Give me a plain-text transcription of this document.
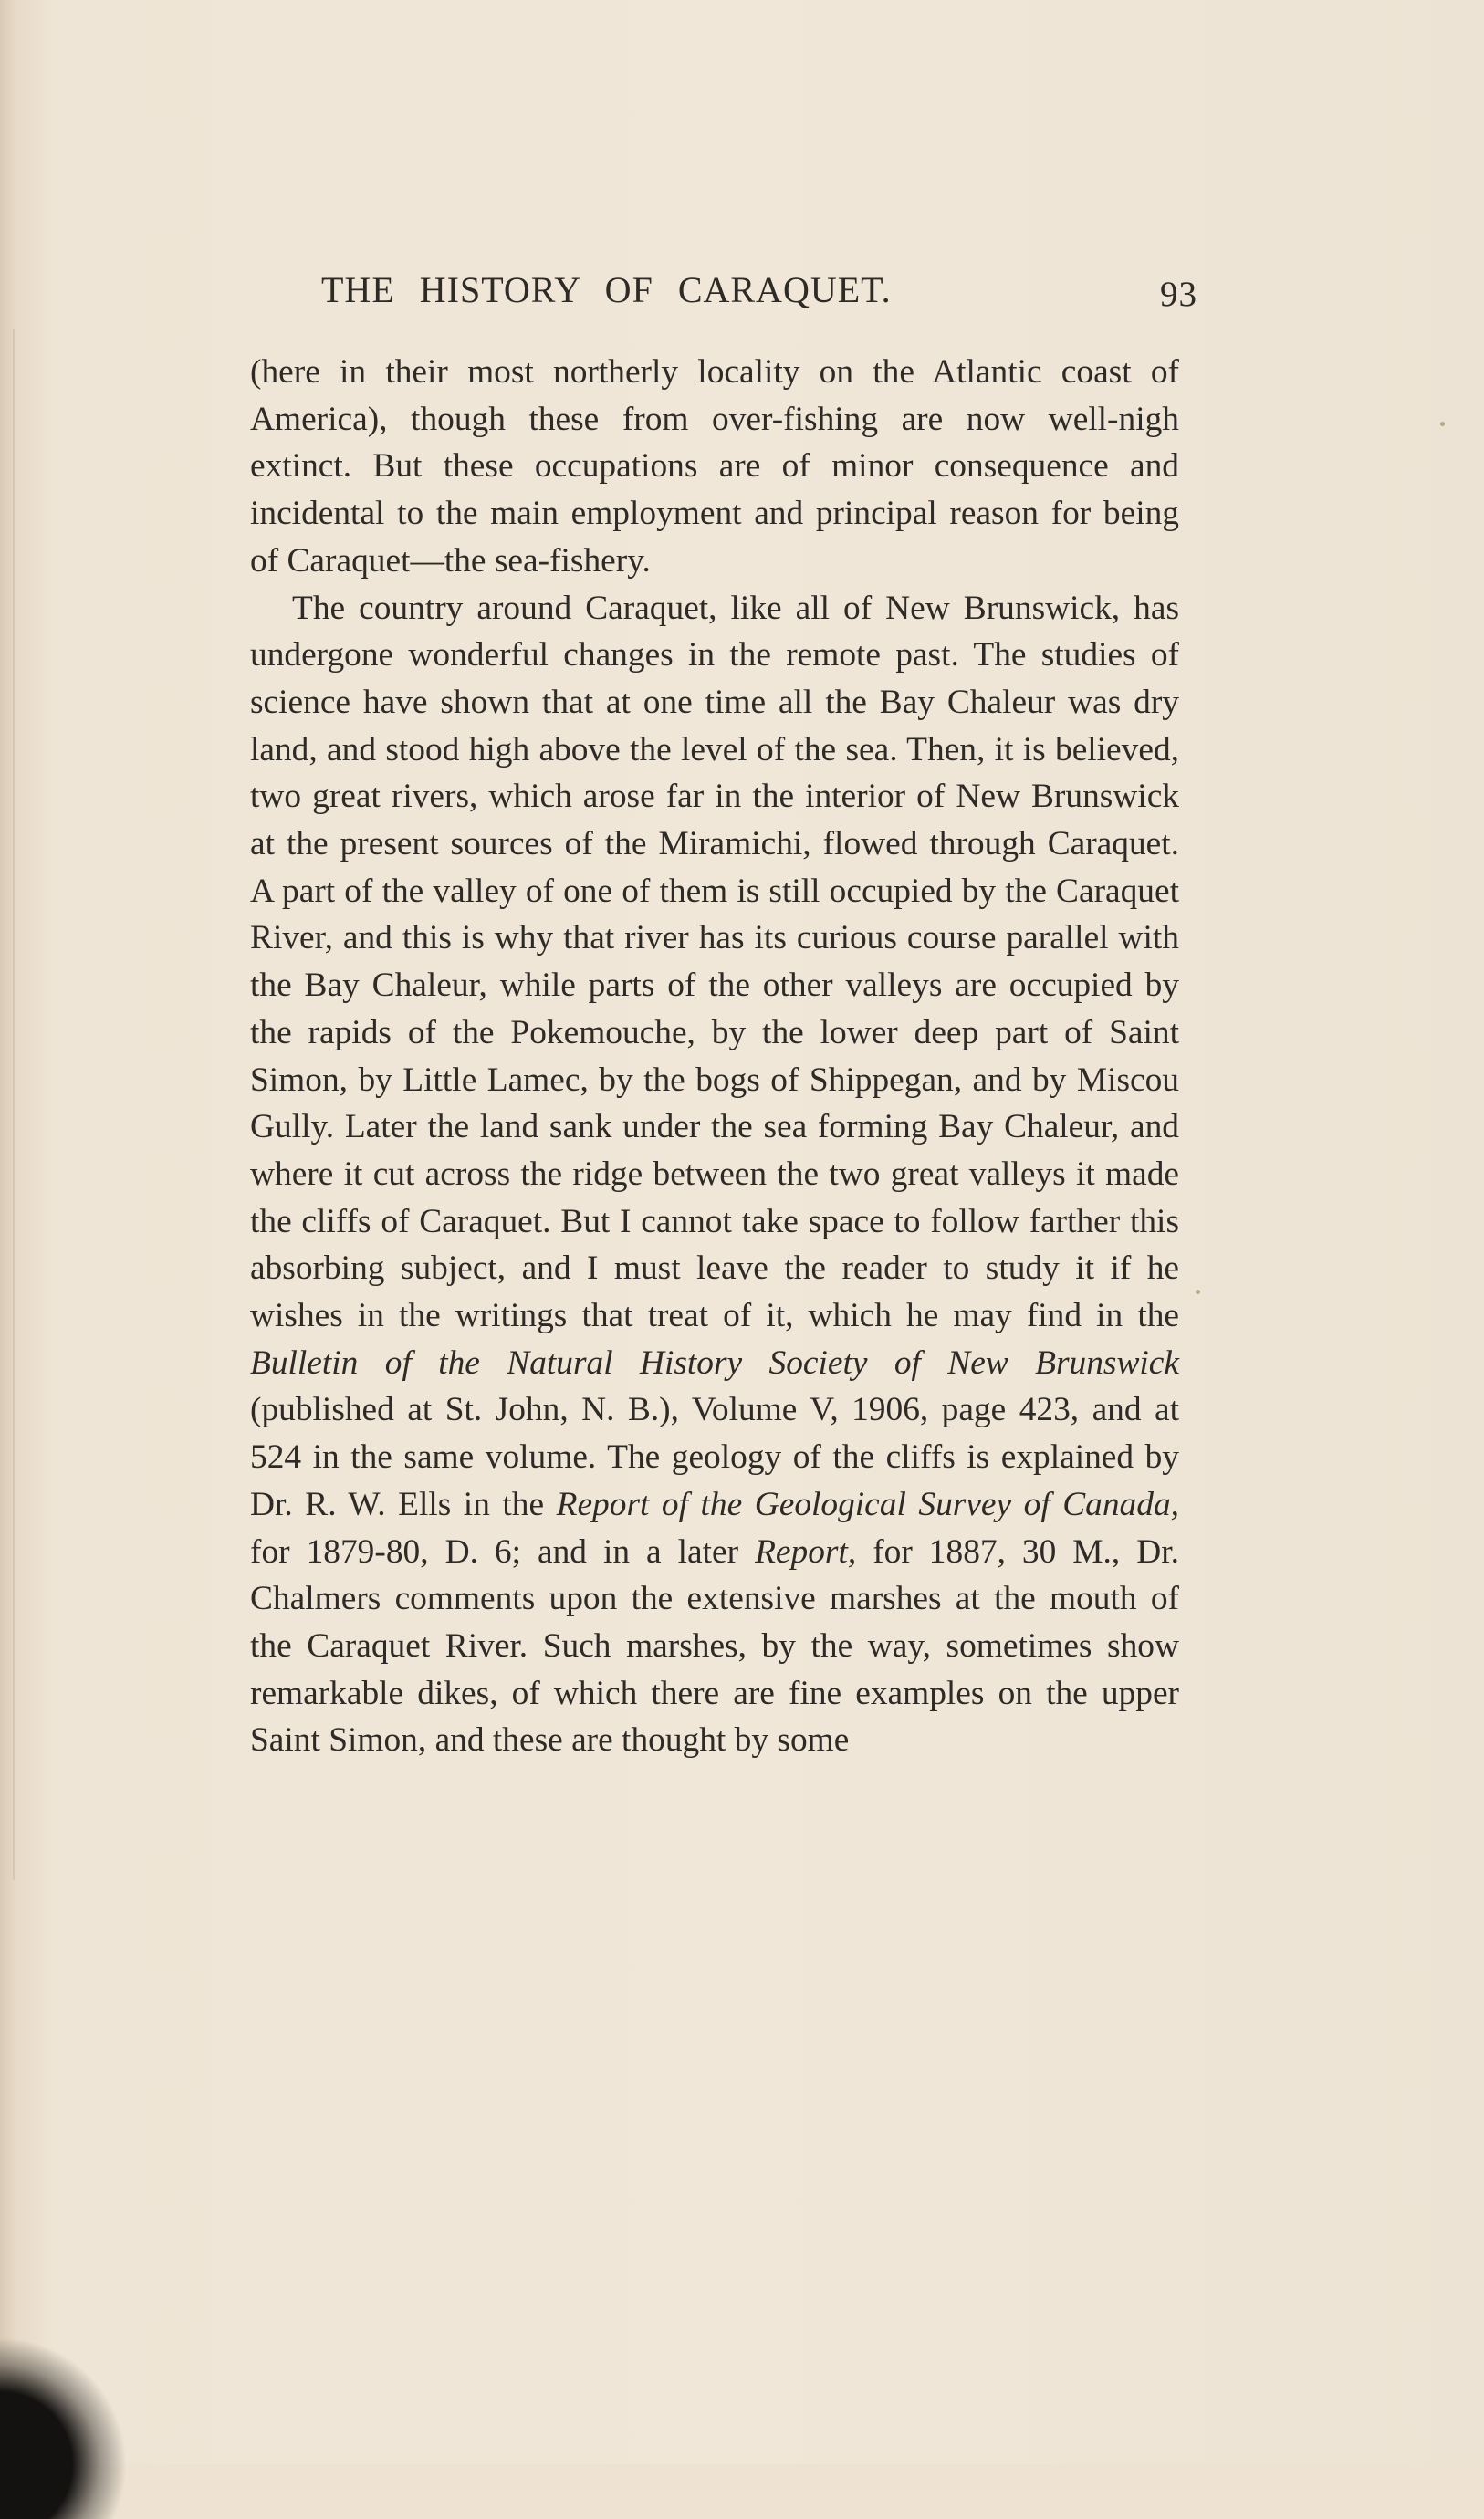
THE HISTORY OF CARAQUET.	93

(here in their most northerly locality on the Atlantic coast of America), though these from over-fishing are now well-nigh extinct. But these occupations are of minor consequence and incidental to the main employment and principal reason for being of Caraquet—the sea-fishery.

The country around Caraquet, like all of New Brunswick, has undergone wonderful changes in the remote past. The studies of science have shown that at one time all the Bay Chaleur was dry land, and stood high above the level of the sea. Then, it is believed, two great rivers, which arose far in the interior of New Brunswick at the present sources of the Miramichi, flowed through Caraquet. A part of the valley of one of them is still occupied by the Caraquet River, and this is why that river has its curious course parallel with the Bay Chaleur, while parts of the other valleys are occupied by the rapids of the Pokemouche, by the lower deep part of Saint Simon, by Little Lamec, by the bogs of Shippegan, and by Miscou Gully. Later the land sank under the sea forming Bay Chaleur, and where it cut across the ridge between the two great valleys it made the cliffs of Caraquet. But I cannot take space to follow farther this absorbing subject, and I must leave the reader to study it if he wishes in the writings that treat of it, which he may find in the Bulletin of the Natural History Society of New Brunswick (published at St. John, N. B.), Volume V, 1906, page 423, and at 524 in the same volume. The geology of the cliffs is explained by Dr. R. W. Ells in the Report of the Geological Survey of Canada, for 1879-80, D. 6; and in a later Report, for 1887, 30 M., Dr. Chalmers comments upon the extensive marshes at the mouth of the Caraquet River. Such marshes, by the way, sometimes show remarkable dikes, of which there are fine examples on the upper Saint Simon, and these are thought by some
